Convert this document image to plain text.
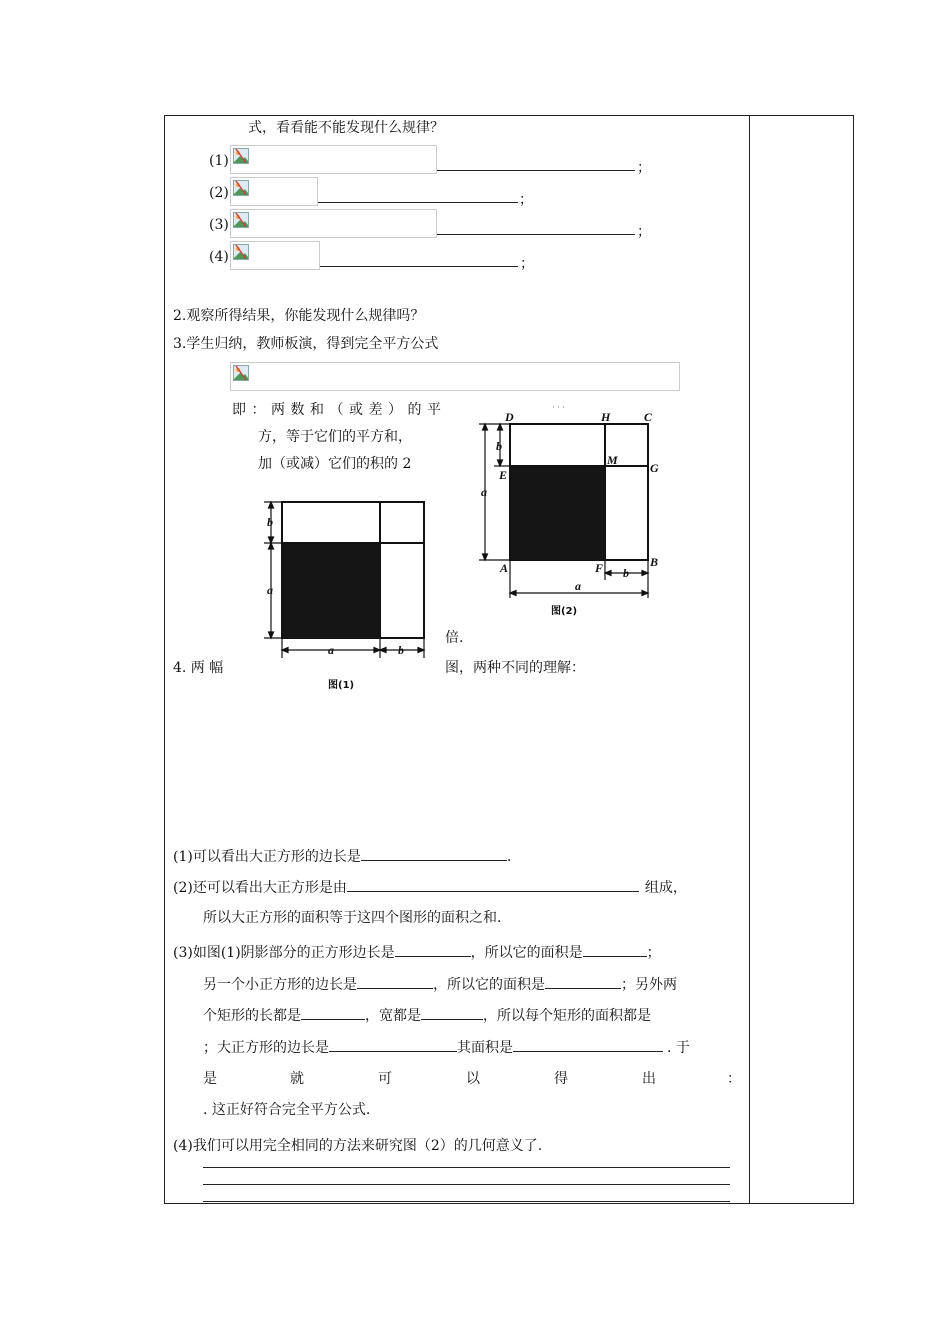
式，看看能不能发现什么规律？
(1)	；
(2)	；
(3)	；
(4)	；
2.观察所得结果，你能发现什么规律吗？
3.学生归纳，教师板演，得到完全平方公式
即：两数和（或差）的平
方，等于它们的平方和，
加（或减）它们的积的 2
b
a
a	b
图(1)
倍.
4. 两 幅	图，两种不同的理解：
· · ·
D	H	C
E
M
G
A	F	B
b
a
a
b
图(2)
(1)可以看出大正方形的边长是	.
(2)还可以看出大正方形是由	组成，
所以大正方形的面积等于这四个图形的面积之和.
(3)如图(1)阴影部分的正方形边长是	，所以它的面积是	；
另一个小正方形的边长是	，所以它的面积是	；另外两
个矩形的长都是	，宽都是	，所以每个矩形的面积都是
；大正方形的边长是	其面积是	. 于
是	就	可	以	得	出	：
. 这正好符合完全平方公式.
(4)我们可以用完全相同的方法来研究图（2）的几何意义了.
